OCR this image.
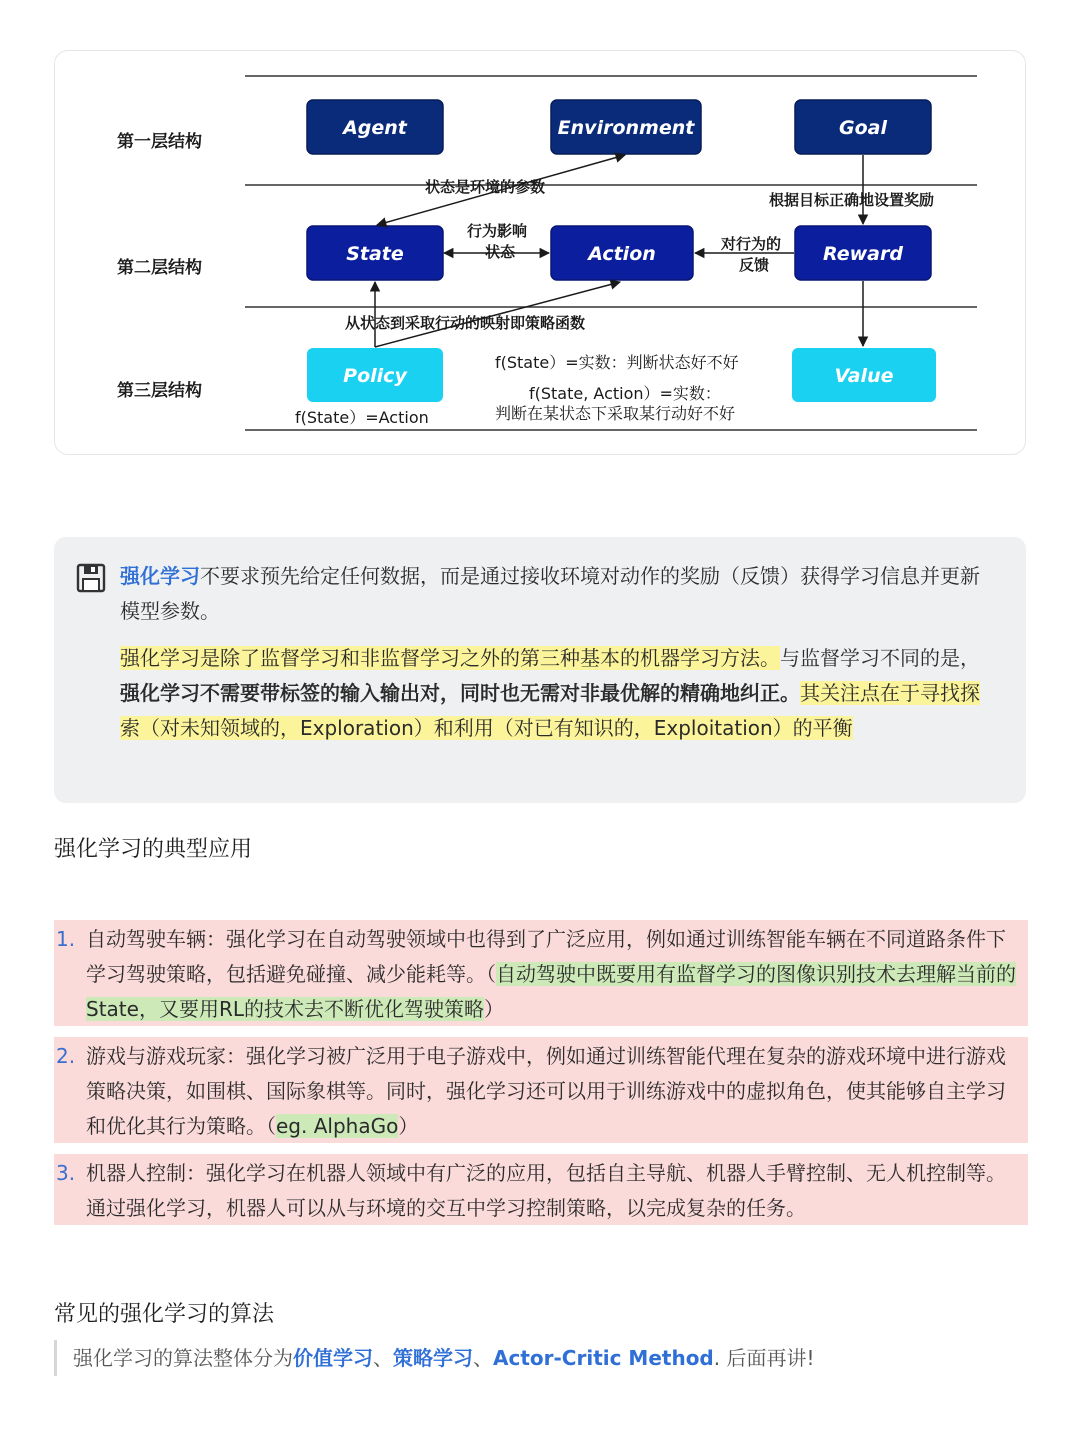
第一层结构
第二层结构
第三层结构
Agent	Environment	Goal
State	Action	Reward
Policy	Value
状态是环境的参数
根据目标正确地设置奖励
行为影响
状态	对行为的
反馈
从状态到采取行动的映射即策略函数
f(State）=实数：判断状态好不好
f(State, Action）=实数：
判断在某状态下采取某行动好不好
f(State）=Action

强化学习不要求预先给定任何数据，而是通过接收环境对动作的奖励（反馈）获得学习信息并更新模型参数。

强化学习是除了监督学习和非监督学习之外的第三种基本的机器学习方法。与监督学习不同的是，强化学习不需要带标签的输入输出对，同时也无需对非最优解的精确地纠正。其关注点在于寻找探索（对未知领域的，Exploration）和利用（对已有知识的，Exploitation）的平衡

强化学习的典型应用
1. 自动驾驶车辆：强化学习在自动驾驶领域中也得到了广泛应用，例如通过训练智能车辆在不同道路条件下学习驾驶策略，包括避免碰撞、减少能耗等。（自动驾驶中既要用有监督学习的图像识别技术去理解当前的State，又要用RL的技术去不断优化驾驶策略）

2. 游戏与游戏玩家：强化学习被广泛用于电子游戏中，例如通过训练智能代理在复杂的游戏环境中进行游戏策略决策，如围棋、国际象棋等。同时，强化学习还可以用于训练游戏中的虚拟角色，使其能够自主学习和优化其行为策略。（eg. AlphaGo）

3. 机器人控制：强化学习在机器人领域中有广泛的应用，包括自主导航、机器人手臂控制、无人机控制等。通过强化学习，机器人可以从与环境的交互中学习控制策略，以完成复杂的任务。

常见的强化学习的算法
强化学习的算法整体分为价值学习、策略学习、Actor-Critic Method. 后面再讲!
